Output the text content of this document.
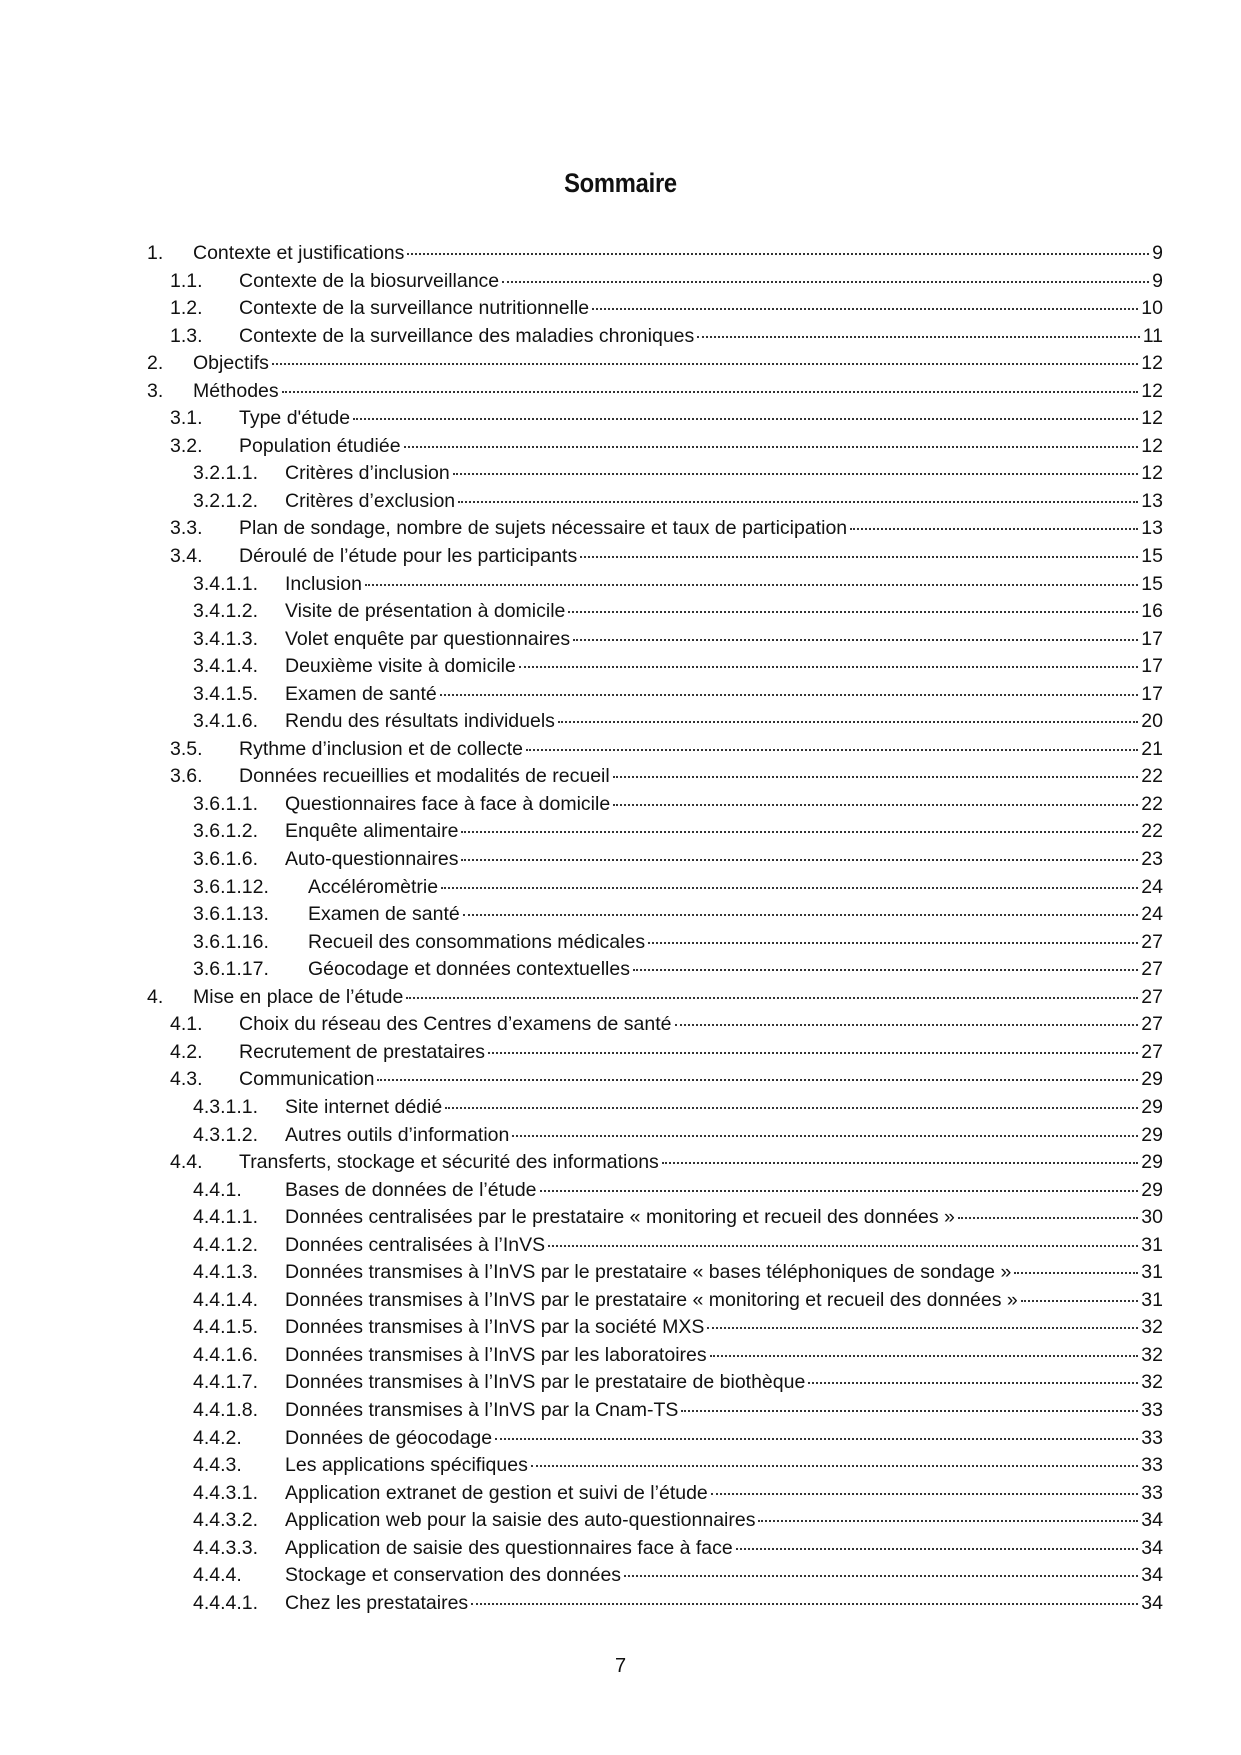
Sommaire
1.	Contexte et justifications	9
1.1.	Contexte de la biosurveillance	9
1.2.	Contexte de la surveillance nutritionnelle	10
1.3.	Contexte de la surveillance des maladies chroniques	11
2.	Objectifs	12
3.	Méthodes	12
3.1.	Type d'étude	12
3.2.	Population étudiée	12
3.2.1.1.	Critères d’inclusion	12
3.2.1.2.	Critères d’exclusion	13
3.3.	Plan de sondage, nombre de sujets nécessaire et taux de participation	13
3.4.	Déroulé de l’étude pour les participants	15
3.4.1.1.	Inclusion	15
3.4.1.2.	Visite de présentation à domicile	16
3.4.1.3.	Volet enquête par questionnaires	17
3.4.1.4.	Deuxième visite à domicile	17
3.4.1.5.	Examen de santé	17
3.4.1.6.	Rendu des résultats individuels	20
3.5.	Rythme d’inclusion et de collecte	21
3.6.	Données recueillies et modalités de recueil	22
3.6.1.1.	Questionnaires face à face à domicile	22
3.6.1.2.	Enquête alimentaire	22
3.6.1.6.	Auto-questionnaires	23
3.6.1.12.	Accéléromètrie	24
3.6.1.13.	Examen de santé	24
3.6.1.16.	Recueil des consommations médicales	27
3.6.1.17.	Géocodage et données contextuelles	27
4.	Mise en place de l’étude	27
4.1.	Choix du réseau des Centres d’examens de santé	27
4.2.	Recrutement de prestataires	27
4.3.	Communication	29
4.3.1.1.	Site internet dédié	29
4.3.1.2.	Autres outils d’information	29
4.4.	Transferts, stockage et sécurité des informations	29
4.4.1.	Bases de données de l’étude	29
4.4.1.1.	Données centralisées par le prestataire « monitoring et recueil des données »	30
4.4.1.2.	Données centralisées à l’InVS	31
4.4.1.3.	Données transmises à l’InVS par le prestataire « bases téléphoniques de sondage »	31
4.4.1.4.	Données transmises à l’InVS par le prestataire « monitoring et recueil des données »	31
4.4.1.5.	Données transmises à l’InVS par la société MXS	32
4.4.1.6.	Données transmises à l’InVS par les laboratoires	32
4.4.1.7.	Données transmises à l’InVS par le prestataire de biothèque	32
4.4.1.8.	Données transmises à l’InVS par la Cnam-TS	33
4.4.2.	Données de géocodage	33
4.4.3.	Les applications spécifiques	33
4.4.3.1.	Application extranet de gestion et suivi de l’étude	33
4.4.3.2.	Application web pour la saisie des auto-questionnaires	34
4.4.3.3.	Application de saisie des questionnaires face à face	34
4.4.4.	Stockage et conservation des données	34
4.4.4.1.	Chez les prestataires	34
7
